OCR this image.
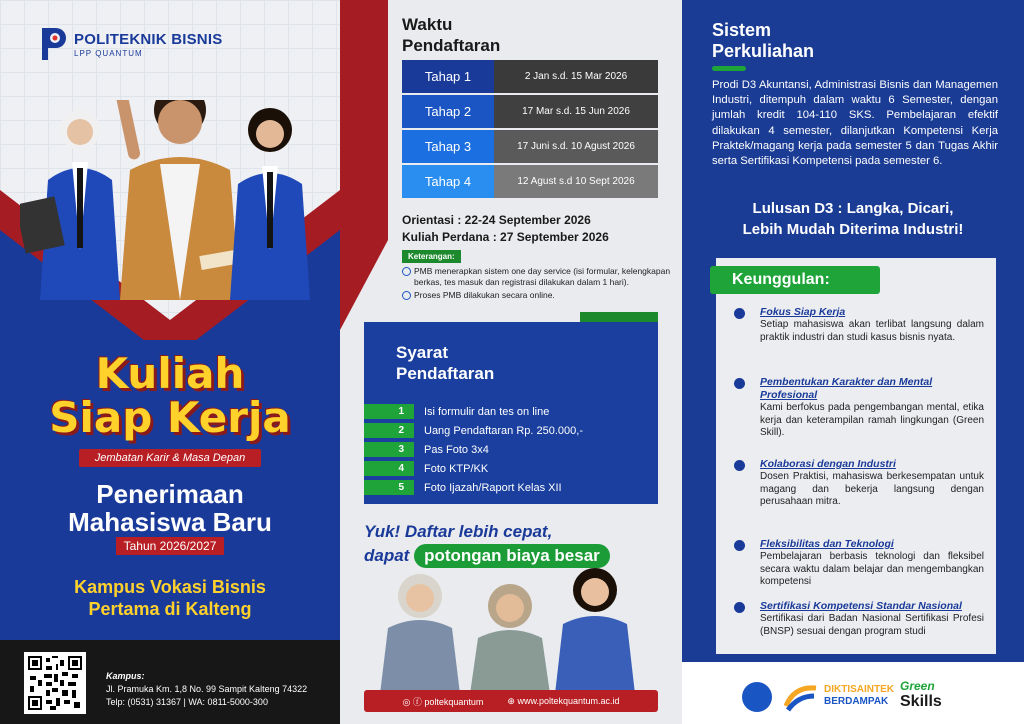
POLITEKNIK BISNIS
LPP QUANTUM
Kuliah
Siap Kerja
Jembatan Karir & Masa Depan
Penerimaan
Mahasiswa Baru
Tahun 2026/2027
Kampus Vokasi Bisnis
Pertama di Kalteng
Kampus:
Jl. Pramuka Km. 1,8 No. 99 Sampit Kalteng 74322
Telp: (0531) 31367 | WA: 0811-5000-300
Waktu
Pendaftaran
Tahap 1	2 Jan s.d. 15 Mar 2026
Tahap 2	17 Mar s.d. 15 Jun 2026
Tahap 3	17 Juni s.d. 10 Agust 2026
Tahap 4	12 Agust s.d 10 Sept 2026
Orientasi : 22-24 September 2026
Kuliah Perdana : 27 September 2026
Keterangan:
PMB menerapkan sistem one day service (isi formular, kelengkapan berkas, tes masuk dan registrasi dilakukan dalam 1 hari).
Proses PMB dilakukan secara online.
Syarat
Pendaftaran
1	Isi formulir dan tes on line
2	Uang Pendaftaran Rp. 250.000,-
3	Pas Foto 3x4
4	Foto KTP/KK
5	Foto Ijazah/Raport Kelas XII
Yuk! Daftar lebih cepat,
dapat potongan biaya besar
◎ ⓕ poltekquantum	⊕ www.poltekquantum.ac.id
Sistem
Perkuliahan
Prodi D3 Akuntansi, Administrasi Bisnis dan Managemen Industri, ditempuh dalam waktu 6 Semester, dengan jumlah kredit 104-110 SKS. Pembelajaran efektif dilakukan 4 semester, dilanjutkan Kompetensi Kerja Praktek/magang kerja pada semester 5 dan Tugas Akhir serta Sertifikasi Kompetensi pada semester 6.
Lulusan D3 : Langka, Dicari,
Lebih Mudah Diterima Industri!
Keunggulan:
Fokus Siap Kerja

Setiap mahasiswa akan terlibat langsung dalam praktik industri dan studi kasus bisnis nyata.

Pembentukan Karakter dan Mental Profesional

Kami berfokus pada pengembangan mental, etika kerja dan keterampilan ramah lingkungan (Green Skill).

Kolaborasi dengan Industri

Dosen Praktisi, mahasiswa berkesempatan untuk magang dan bekerja langsung dengan perusahaan mitra.

Fleksibilitas dan Teknologi

Pembelajaran berbasis teknologi dan fleksibel secara waktu dalam belajar dan mengembangkan kompetensi

Sertifikasi Kompetensi Standar Nasional

Sertifikasi dari Badan Nasional Sertifikasi Profesi (BNSP) sesuai dengan program studi

DIKTISAINTEK
BERDAMPAK
Green
Skills
